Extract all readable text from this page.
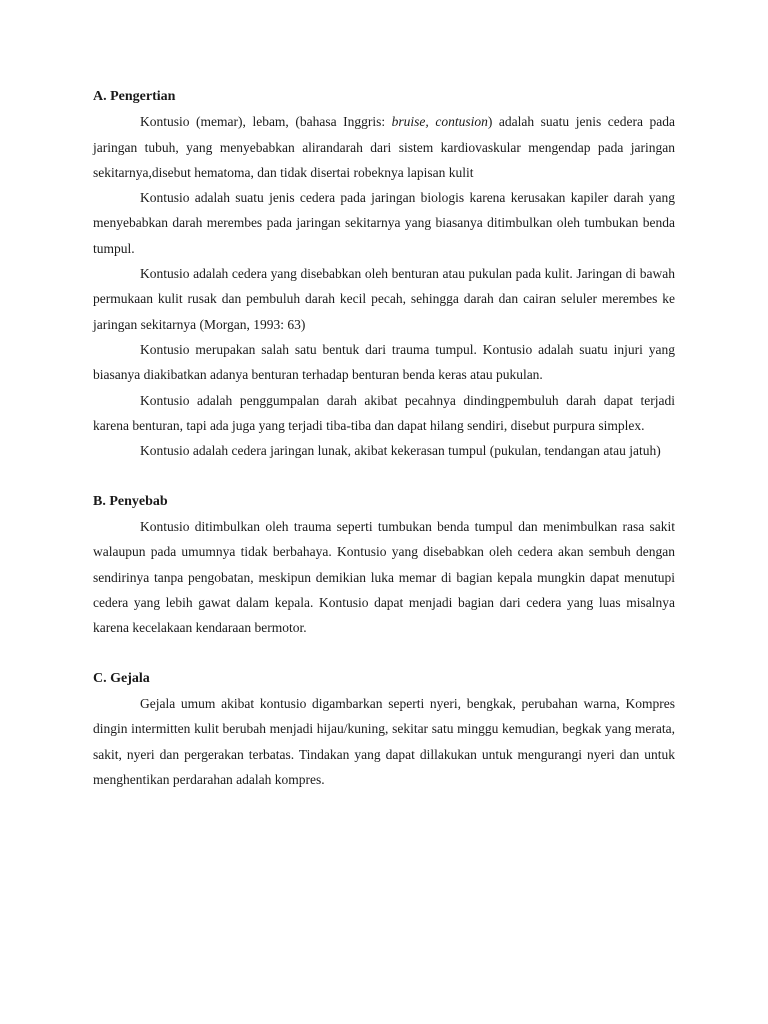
A. Pengertian

Kontusio (memar), lebam, (bahasa Inggris: bruise, contusion) adalah suatu jenis cedera pada jaringan tubuh, yang menyebabkan alirandarah dari sistem kardiovaskular mengendap pada jaringan sekitarnya,disebut hematoma, dan tidak disertai robeknya lapisan kulit

Kontusio adalah suatu jenis cedera pada jaringan biologis karena kerusakan kapiler darah yang menyebabkan darah merembes pada jaringan sekitarnya yang biasanya ditimbulkan oleh tumbukan benda tumpul.

Kontusio adalah cedera yang disebabkan oleh benturan atau pukulan pada kulit. Jaringan di bawah permukaan kulit rusak dan pembuluh darah kecil pecah, sehingga darah dan cairan seluler merembes ke jaringan sekitarnya (Morgan, 1993: 63)

Kontusio merupakan salah satu bentuk dari trauma tumpul. Kontusio adalah suatu injuri yang biasanya diakibatkan adanya benturan terhadap benturan benda keras atau pukulan.

Kontusio adalah penggumpalan darah akibat pecahnya dindingpembuluh darah dapat terjadi karena benturan, tapi ada juga yang terjadi tiba-tiba dan dapat hilang sendiri, disebut purpura simplex.

Kontusio adalah cedera jaringan lunak, akibat kekerasan tumpul (pukulan, tendangan atau jatuh)

B. Penyebab

Kontusio ditimbulkan oleh trauma seperti tumbukan benda tumpul dan menimbulkan rasa sakit walaupun pada umumnya tidak berbahaya. Kontusio yang disebabkan oleh cedera akan sembuh dengan sendirinya tanpa pengobatan, meskipun demikian luka memar di bagian kepala mungkin dapat menutupi cedera yang lebih gawat dalam kepala. Kontusio dapat menjadi bagian dari cedera yang luas misalnya karena kecelakaan kendaraan bermotor.

C. Gejala

Gejala umum akibat kontusio digambarkan seperti nyeri, bengkak, perubahan warna, Kompres dingin intermitten kulit berubah menjadi hijau/kuning, sekitar satu minggu kemudian, begkak yang merata, sakit, nyeri dan pergerakan terbatas. Tindakan yang dapat dillakukan untuk mengurangi nyeri dan untuk menghentikan perdarahan adalah kompres.
